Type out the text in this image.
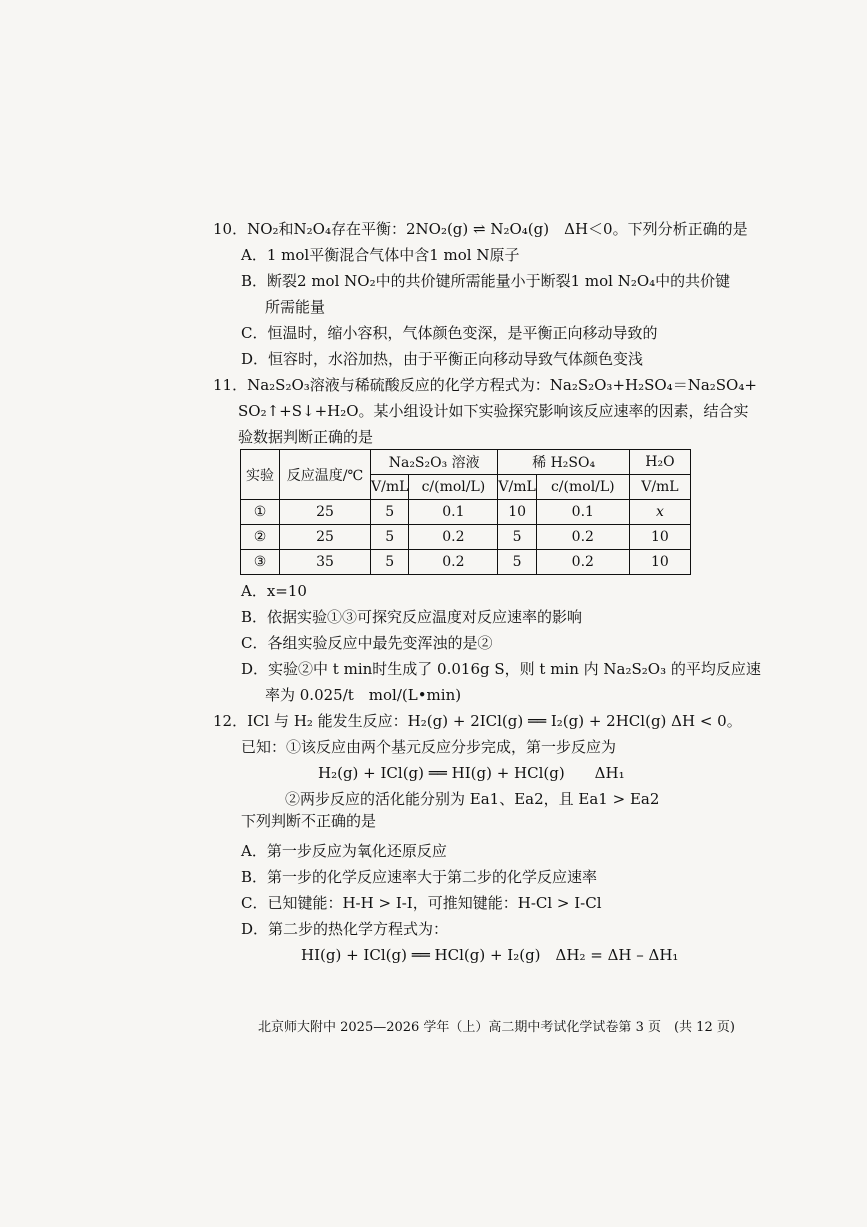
10．NO₂和N₂O₄存在平衡：2NO₂(g) ⇌ N₂O₄(g)　ΔH＜0。下列分析正确的是
A．1 mol平衡混合气体中含1 mol N原子
B．断裂2 mol NO₂中的共价键所需能量小于断裂1 mol N₂O₄中的共价键
所需能量
C．恒温时，缩小容积，气体颜色变深，是平衡正向移动导致的
D．恒容时，水浴加热，由于平衡正向移动导致气体颜色变浅
11．Na₂S₂O₃溶液与稀硫酸反应的化学方程式为：Na₂S₂O₃+H₂SO₄＝Na₂SO₄+
SO₂↑+S↓+H₂O。某小组设计如下实验探究影响该反应速率的因素，结合实
验数据判断正确的是
实验	反应温度/℃	Na₂S₂O₃ 溶液		稀 H₂SO₄		H₂O
		V/mL	c/(mol/L)	V/mL	c/(mol/L)	V/mL
①	25	5	0.1	10	0.1	x
②	25	5	0.2	5	0.2	10
③	35	5	0.2	5	0.2	10
A．x=10
B．依据实验①③可探究反应温度对反应速率的影响
C．各组实验反应中最先变浑浊的是②
D．实验②中 t min时生成了 0.016g S，则 t min 内 Na₂S₂O₃ 的平均反应速
率为 0.025/t　mol/(L•min)
12．ICl 与 H₂ 能发生反应：H₂(g) + 2ICl(g) ══ I₂(g) + 2HCl(g) ΔH < 0。
已知：①该反应由两个基元反应分步完成，第一步反应为
H₂(g) + ICl(g) ══ HI(g) + HCl(g)　　ΔH₁
②两步反应的活化能分别为 Ea1、Ea2，且 Ea1 > Ea2
下列判断不正确的是
A．第一步反应为氧化还原反应
B．第一步的化学反应速率大于第二步的化学反应速率
C．已知键能：H-H > I-I，可推知键能：H-Cl > I-Cl
D．第二步的热化学方程式为：
HI(g) + ICl(g) ══ HCl(g) + I₂(g)　ΔH₂ = ΔH – ΔH₁
北京师大附中 2025—2026 学年（上）高二期中考试化学试卷第 3 页　(共 12 页)
